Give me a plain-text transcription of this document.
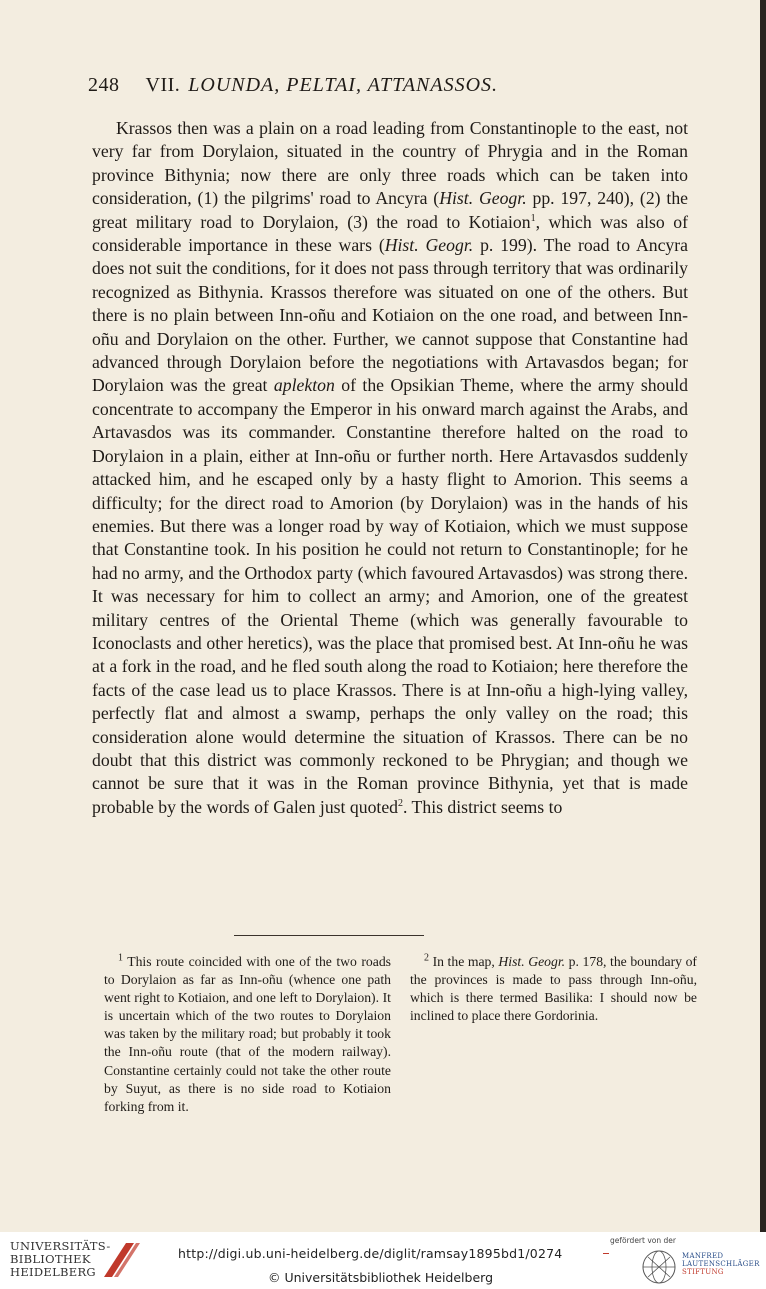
248 VII. LOUNDA, PELTAI, ATTANASSOS.

Krassos then was a plain on a road leading from Constantinople to the east, not very far from Dorylaion, situated in the country of Phrygia and in the Roman province Bithynia; now there are only three roads which can be taken into consideration, (1) the pilgrims' road to Ancyra (Hist. Geogr. pp. 197, 240), (2) the great military road to Dorylaion, (3) the road to Kotiaion$^1$, which was also of considerable importance in these wars (Hist. Geogr. p. 199). The road to Ancyra does not suit the conditions, for it does not pass through territory that was ordinarily recognized as Bithynia. Krassos therefore was situated on one of the others. But there is no plain between Inn-oñu and Kotiaion on the one road, and between Inn-oñu and Dorylaion on the other. Further, we cannot suppose that Constantine had advanced through Dorylaion before the negotiations with Artavasdos began; for Dorylaion was the great aplekton of the Opsikian Theme, where the army should concentrate to accompany the Emperor in his onward march against the Arabs, and Artavasdos was its commander. Constantine therefore halted on the road to Dorylaion in a plain, either at Inn-oñu or further north. Here Artavasdos suddenly attacked him, and he escaped only by a hasty flight to Amorion. This seems a difficulty; for the direct road to Amorion (by Dorylaion) was in the hands of his enemies. But there was a longer road by way of Kotiaion, which we must suppose that Constantine took. In his position he could not return to Constantinople; for he had no army, and the Orthodox party (which favoured Artavasdos) was strong there. It was necessary for him to collect an army; and Amorion, one of the greatest military centres of the Oriental Theme (which was generally favourable to Iconoclasts and other heretics), was the place that promised best. At Inn-oñu he was at a fork in the road, and he fled south along the road to Kotiaion; here therefore the facts of the case lead us to place Krassos. There is at Inn-oñu a high-lying valley, perfectly flat and almost a swamp, perhaps the only valley on the road; this consideration alone would determine the situation of Krassos. There can be no doubt that this district was commonly reckoned to be Phrygian; and though we cannot be sure that it was in the Roman province Bithynia, yet that is made probable by the words of Galen just quoted$^2$. This district seems to

$^1$ This route coincided with one of the two roads to Dorylaion as far as Inn-oñu (whence one path went right to Kotiaion, and one left to Dorylaion). It is uncertain which of the two routes to Dorylaion was taken by the military road; but probably it took the Inn-oñu route (that of the modern railway). Constantine certainly could not take the other route by Suyut, as there is no side road to Kotiaion forking from it.

$^2$ In the map, Hist. Geogr. p. 178, the boundary of the provinces is made to pass through Inn-oñu, which is there termed Basilika: I should now be inclined to place there Gordorinia.

UNIVERSITÄTS-
BIBLIOTHEK
HEIDELBERG
http://digi.ub.uni-heidelberg.de/diglit/ramsay1895bd1/0274
© Universitätsbibliothek Heidelberg
gefördert von der
MANFRED
LAUTENSCHLÄGER
STIFTUNG
